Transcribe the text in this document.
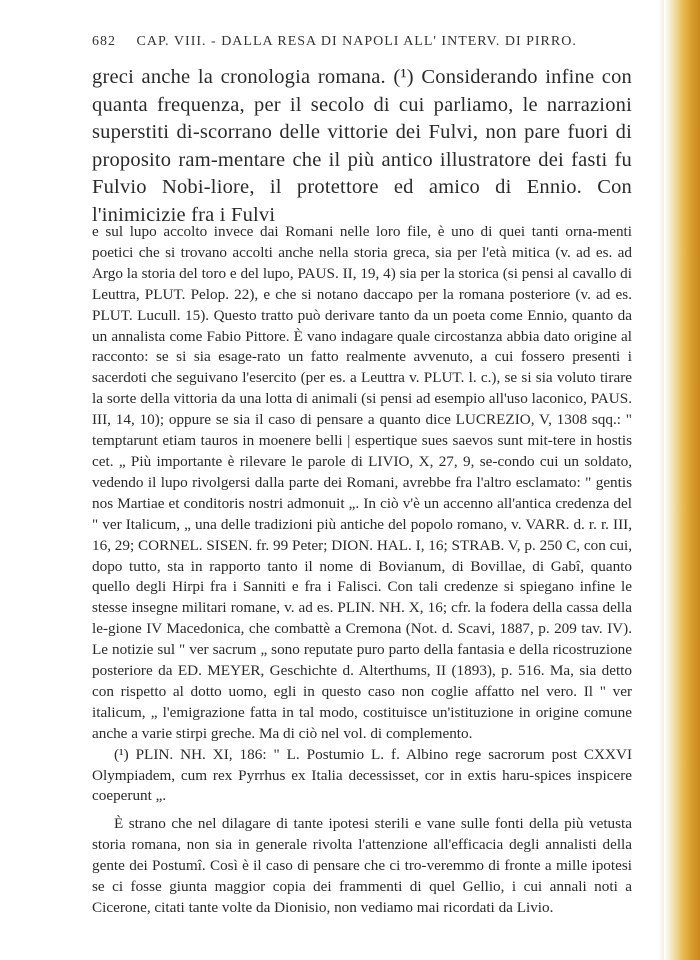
682 CAP. VIII. - DALLA RESA DI NAPOLI ALL' INTERV. DI PIRRO.

greci anche la cronologia romana. (¹) Considerando infine con quanta frequenza, per il secolo di cui parliamo, le narrazioni superstiti di-scorrano delle vittorie dei Fulvi, non pare fuori di proposito ram-mentare che il più antico illustratore dei fasti fu Fulvio Nobi-liore, il protettore ed amico di Ennio. Con l'inimicizie fra i Fulvi

e sul lupo accolto invece dai Romani nelle loro file, è uno di quei tanti orna-menti poetici che si trovano accolti anche nella storia greca, sia per l'età mitica (v. ad es. ad Argo la storia del toro e del lupo, PAUS. II, 19, 4) sia per la storica (si pensi al cavallo di Leuttra, PLUT. Pelop. 22), e che si notano daccapo per la romana posteriore (v. ad es. PLUT. Lucull. 15). Questo tratto può derivare tanto da un poeta come Ennio, quanto da un annalista come Fabio Pittore. È vano indagare quale circostanza abbia dato origine al racconto: se si sia esage-rato un fatto realmente avvenuto, a cui fossero presenti i sacerdoti che seguivano l'esercito (per es. a Leuttra v. PLUT. l. c.), se si sia voluto tirare la sorte della vittoria da una lotta di animali (si pensi ad esempio all'uso laconico, PAUS. III, 14, 10); oppure se sia il caso di pensare a quanto dice LUCREZIO, V, 1308 sqq.: " temptarunt etiam tauros in moenere belli | espertique sues saevos sunt mit-tere in hostis cet. „ Più importante è rilevare le parole di LIVIO, X, 27, 9, se-condo cui un soldato, vedendo il lupo rivolgersi dalla parte dei Romani, avrebbe fra l'altro esclamato: " gentis nos Martiae et conditoris nostri admonuit „. In ciò v'è un accenno all'antica credenza del " ver Italicum, „ una delle tradizioni più antiche del popolo romano, v. VARR. d. r. r. III, 16, 29; CORNEL. SISEN. fr. 99 Peter; DION. HAL. I, 16; STRAB. V, p. 250 C, con cui, dopo tutto, sta in rapporto tanto il nome di Bovianum, di Bovillae, di Gabî, quanto quello degli Hirpi fra i Sanniti e fra i Falisci. Con tali credenze si spiegano infine le stesse insegne militari romane, v. ad es. PLIN. NH. X, 16; cfr. la fodera della cassa della le-gione IV Macedonica, che combattè a Cremona (Not. d. Scavi, 1887, p. 209 tav. IV). Le notizie sul " ver sacrum „ sono reputate puro parto della fantasia e della ricostruzione posteriore da ED. MEYER, Geschichte d. Alterthums, II (1893), p. 516. Ma, sia detto con rispetto al dotto uomo, egli in questo caso non coglie affatto nel vero. Il " ver italicum, „ l'emigrazione fatta in tal modo, costituisce un'istituzione in origine comune anche a varie stirpi greche. Ma di ciò nel vol. di complemento.

(¹) PLIN. NH. XI, 186: " L. Postumio L. f. Albino rege sacrorum post CXXVI Olympiadem, cum rex Pyrrhus ex Italia decessisset, cor in extis haru-spices inspicere coeperunt „.

È strano che nel dilagare di tante ipotesi sterili e vane sulle fonti della più vetusta storia romana, non sia in generale rivolta l'attenzione all'efficacia degli annalisti della gente dei Postumî. Così è il caso di pensare che ci tro-veremmo di fronte a mille ipotesi se ci fosse giunta maggior copia dei frammenti di quel Gellio, i cui annali noti a Cicerone, citati tante volte da Dionisio, non vediamo mai ricordati da Livio.
